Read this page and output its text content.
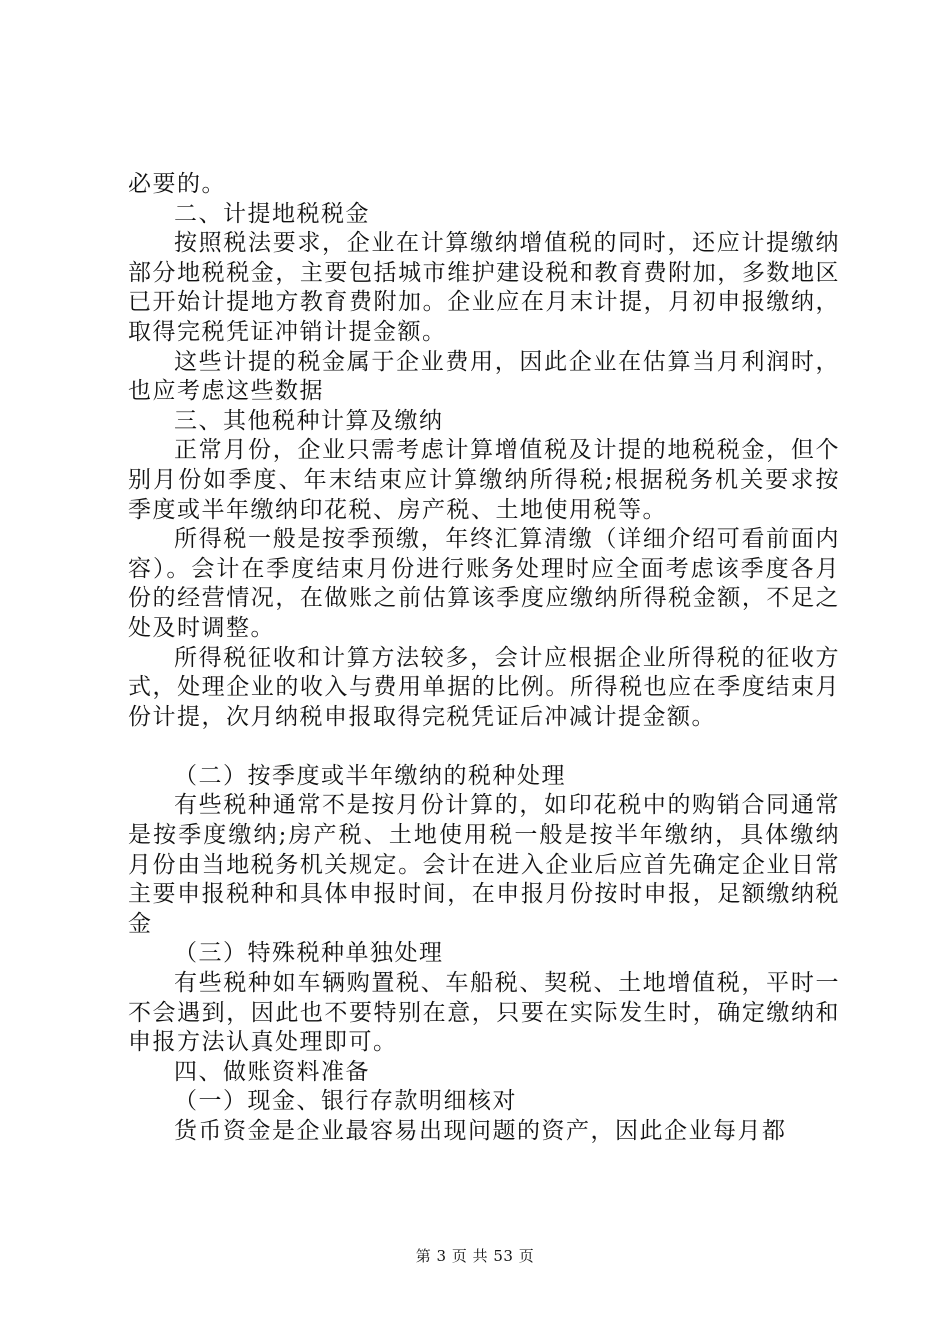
必要的。

二、计提地税税金

按照税法要求，企业在计算缴纳增值税的同时，还应计提缴纳部分地税税金，主要包括城市维护建设税和教育费附加，多数地区已开始计提地方教育费附加。企业应在月末计提，月初申报缴纳，取得完税凭证冲销计提金额。

这些计提的税金属于企业费用，因此企业在估算当月利润时，也应考虑这些数据

三、其他税种计算及缴纳

正常月份，企业只需考虑计算增值税及计提的地税税金，但个别月份如季度、年末结束应计算缴纳所得税;根据税务机关要求按季度或半年缴纳印花税、房产税、土地使用税等。

所得税一般是按季预缴，年终汇算清缴（详细介绍可看前面内容）。会计在季度结束月份进行账务处理时应全面考虑该季度各月份的经营情况，在做账之前估算该季度应缴纳所得税金额，不足之处及时调整。

所得税征收和计算方法较多，会计应根据企业所得税的征收方式，处理企业的收入与费用单据的比例。所得税也应在季度结束月份计提，次月纳税申报取得完税凭证后冲减计提金额。

（二）按季度或半年缴纳的税种处理

有些税种通常不是按月份计算的，如印花税中的购销合同通常是按季度缴纳;房产税、土地使用税一般是按半年缴纳，具体缴纳月份由当地税务机关规定。会计在进入企业后应首先确定企业日常主要申报税种和具体申报时间，在申报月份按时申报，足额缴纳税金

（三）特殊税种单独处理

有些税种如车辆购置税、车船税、契税、土地增值税，平时一不会遇到，因此也不要特别在意，只要在实际发生时，确定缴纳和申报方法认真处理即可。

四、做账资料准备

（一）现金、银行存款明细核对

货币资金是企业最容易出现问题的资产，因此企业每月都

第 3 页 共 53 页
